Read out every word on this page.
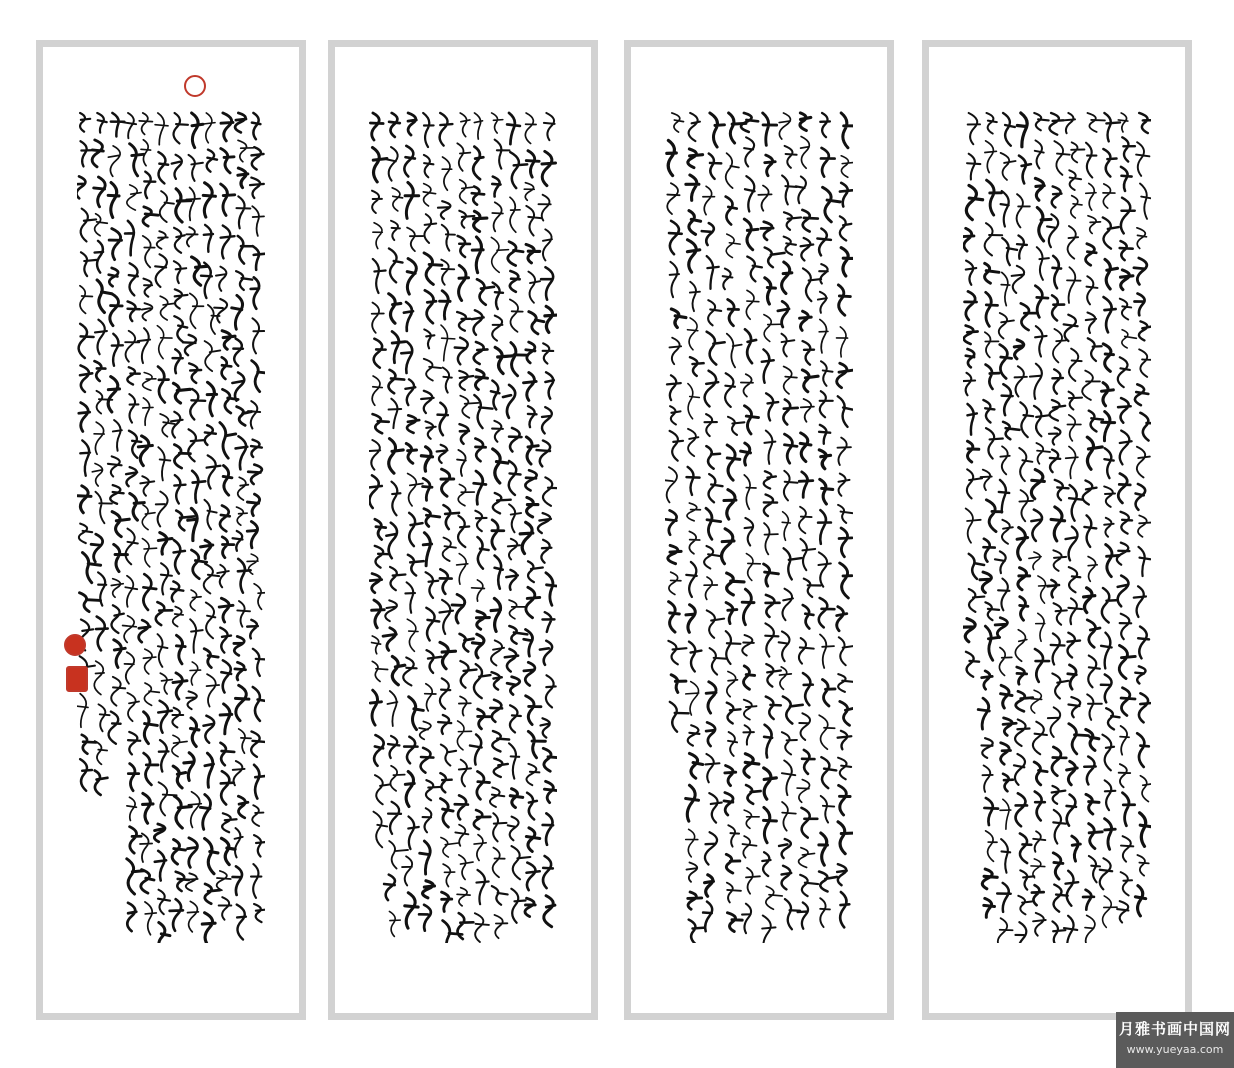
月雅书画中国网
www.yueyaa.com
